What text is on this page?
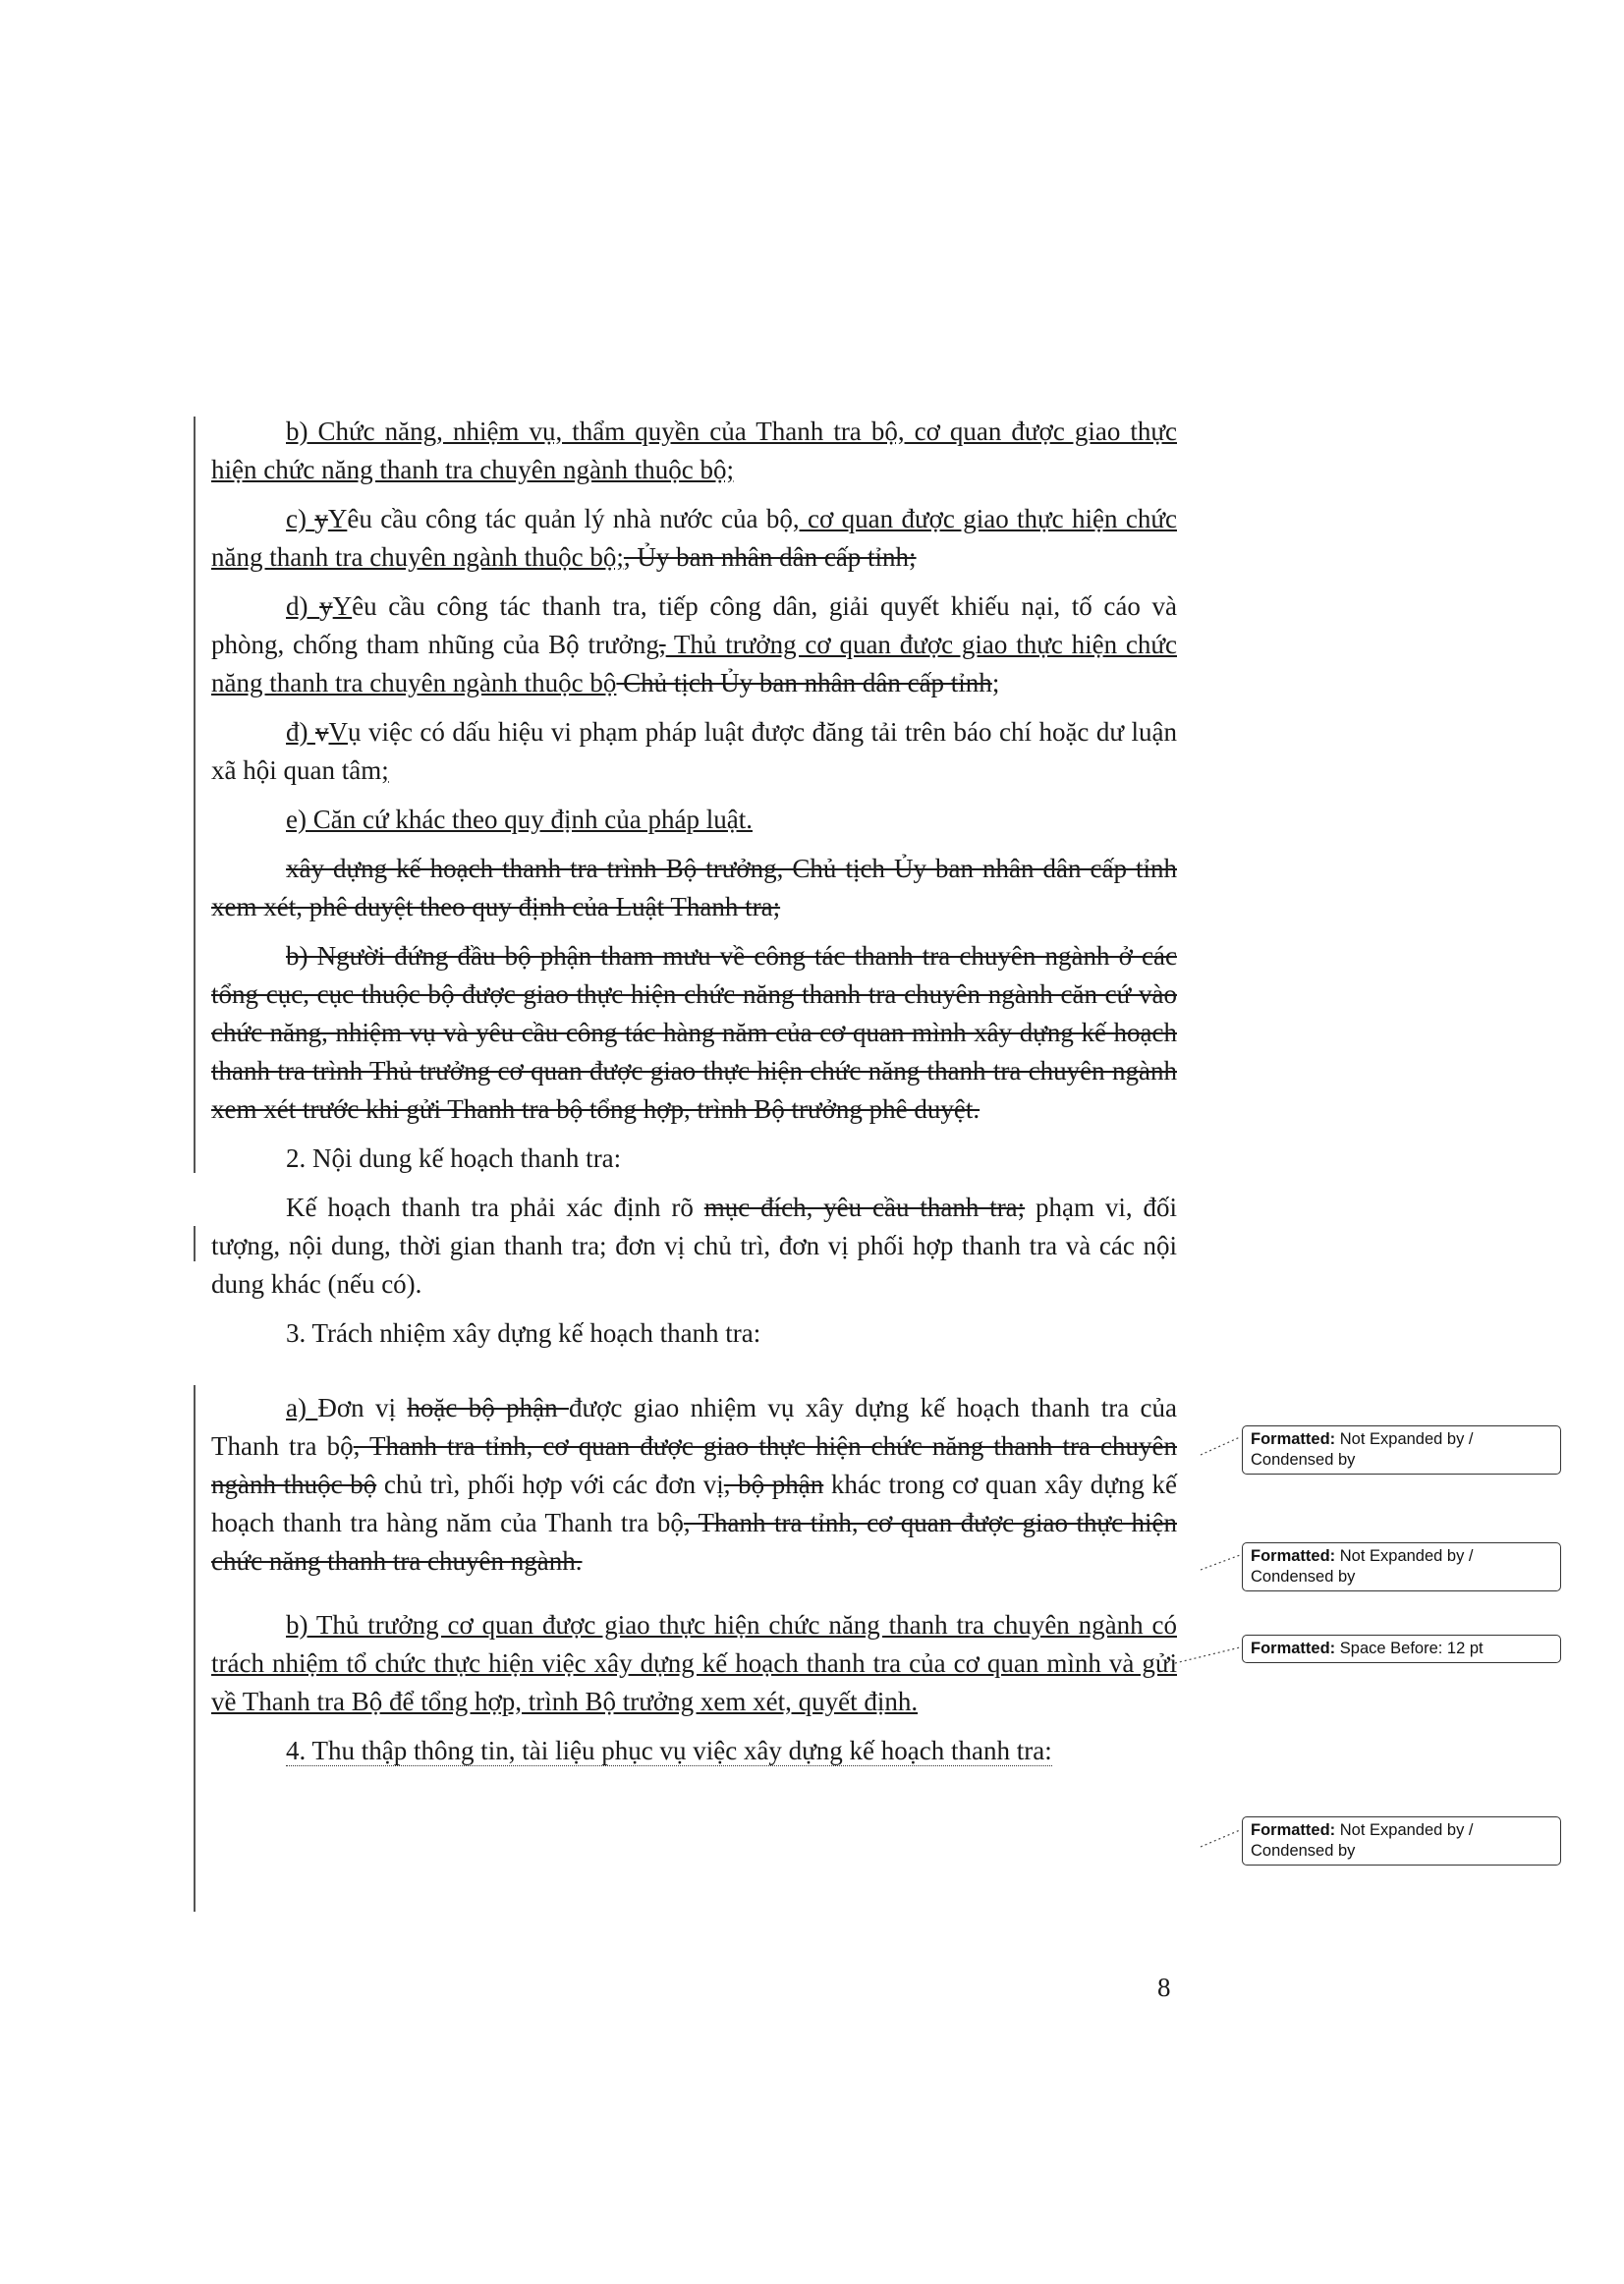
b) Chức năng, nhiệm vụ, thẩm quyền của Thanh tra bộ, cơ quan được giao thực hiện chức năng thanh tra chuyên ngành thuộc bộ;

c) yYêu cầu công tác quản lý nhà nước của bộ, cơ quan được giao thực hiện chức năng thanh tra chuyên ngành thuộc bộ;, Ủy ban nhân dân cấp tỉnh;

d) yYêu cầu công tác thanh tra, tiếp công dân, giải quyết khiếu nại, tố cáo và phòng, chống tham nhũng của Bộ trưởng, Thủ trưởng cơ quan được giao thực hiện chức năng thanh tra chuyên ngành thuộc bộ Chủ tịch Ủy ban nhân dân cấp tỉnh;

đ) vVụ việc có dấu hiệu vi phạm pháp luật được đăng tải trên báo chí hoặc dư luận xã hội quan tâm;

e) Căn cứ khác theo quy định của pháp luật.

xây dựng kế hoạch thanh tra trình Bộ trưởng, Chủ tịch Ủy ban nhân dân cấp tỉnh xem xét, phê duyệt theo quy định của Luật Thanh tra;

b) Người đứng đầu bộ phận tham mưu về công tác thanh tra chuyên ngành ở các tổng cục, cục thuộc bộ được giao thực hiện chức năng thanh tra chuyên ngành căn cứ vào chức năng, nhiệm vụ và yêu cầu công tác hàng năm của cơ quan mình xây dựng kế hoạch thanh tra trình Thủ trưởng cơ quan được giao thực hiện chức năng thanh tra chuyên ngành xem xét trước khi gửi Thanh tra bộ tổng hợp, trình Bộ trưởng phê duyệt.

2. Nội dung kế hoạch thanh tra:

Kế hoạch thanh tra phải xác định rõ mục đích, yêu cầu thanh tra; phạm vi, đối tượng, nội dung, thời gian thanh tra; đơn vị chủ trì, đơn vị phối hợp thanh tra và các nội dung khác (nếu có).

3. Trách nhiệm xây dựng kế hoạch thanh tra:

a) Đơn vị hoặc bộ phận được giao nhiệm vụ xây dựng kế hoạch thanh tra của Thanh tra bộ, Thanh tra tỉnh, cơ quan được giao thực hiện chức năng thanh tra chuyên ngành thuộc bộ chủ trì, phối hợp với các đơn vị, bộ phận khác trong cơ quan xây dựng kế hoạch thanh tra hàng năm của Thanh tra bộ, Thanh tra tỉnh, cơ quan được giao thực hiện chức năng thanh tra chuyên ngành.

b) Thủ trưởng cơ quan được giao thực hiện chức năng thanh tra chuyên ngành có trách nhiệm tổ chức thực hiện việc xây dựng kế hoạch thanh tra của cơ quan mình và gửi về Thanh tra Bộ để tổng hợp, trình Bộ trưởng xem xét, quyết định.

4. Thu thập thông tin, tài liệu phục vụ việc xây dựng kế hoạch thanh tra:

Formatted: Not Expanded by / Condensed by
Formatted: Not Expanded by / Condensed by
Formatted: Space Before: 12 pt
Formatted: Not Expanded by / Condensed by
8
